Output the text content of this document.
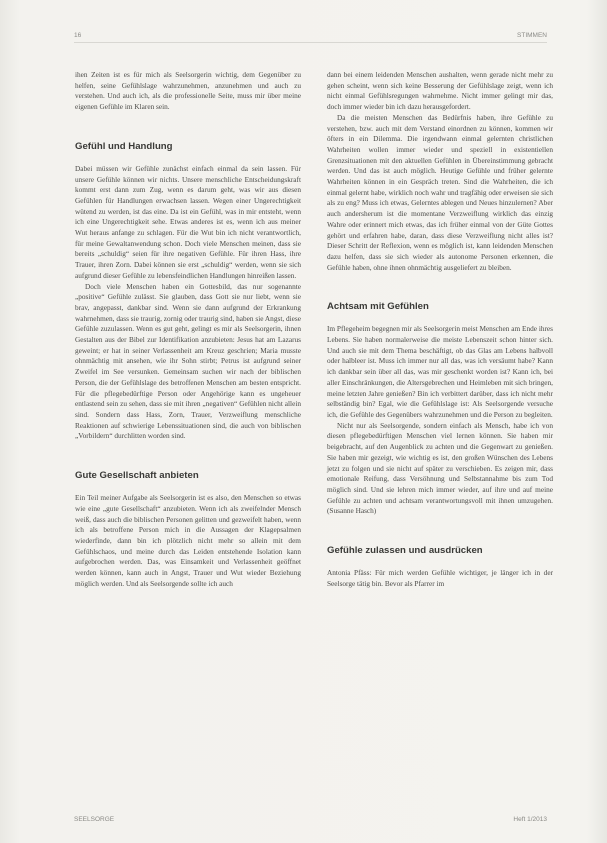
16	STIMMEN

ihen Zeiten ist es für mich als Seelsorgerin wichtig, dem Gegenüber zu helfen, seine Gefühlslage wahrzunehmen, anzunehmen und auch zu verstehen. Und auch ich, als die professionelle Seite, muss mir über meine eigenen Gefühle im Klaren sein.

Gefühl und Handlung

Dabei müssen wir Gefühle zunächst einfach einmal da sein lassen. Für unsere Gefühle können wir nichts. Unsere menschliche Entscheidungskraft kommt erst dann zum Zug, wenn es darum geht, was wir aus diesen Gefühlen für Handlungen erwachsen lassen. Wegen einer Ungerechtigkeit wütend zu werden, ist das eine. Da ist ein Gefühl, was in mir entsteht, wenn ich eine Ungerechtigkeit sehe. Etwas anderes ist es, wenn ich aus meiner Wut heraus anfange zu schlagen. Für die Wut bin ich nicht verantwortlich, für meine Gewaltanwendung schon. Doch viele Menschen meinen, dass sie bereits „schuldig“ seien für ihre negativen Gefühle. Für ihren Hass, ihre Trauer, ihren Zorn. Dabei können sie erst „schuldig“ werden, wenn sie sich aufgrund dieser Gefühle zu lebensfeindlichen Handlungen hinreißen lassen.

Doch viele Menschen haben ein Gottesbild, das nur sogenannte „positive“ Gefühle zulässt. Sie glauben, dass Gott sie nur liebt, wenn sie brav, angepasst, dankbar sind. Wenn sie dann aufgrund der Erkrankung wahrnehmen, dass sie traurig, zornig oder traurig sind, haben sie Angst, diese Gefühle zuzulassen. Wenn es gut geht, gelingt es mir als Seelsorgerin, ihnen Gestalten aus der Bibel zur Identifikation anzubieten: Jesus hat am Lazarus geweint; er hat in seiner Verlassenheit am Kreuz geschrien; Maria musste ohnmächtig mit ansehen, wie ihr Sohn stirbt; Petrus ist aufgrund seiner Zweifel im See versunken. Gemeinsam suchen wir nach der biblischen Person, die der Gefühlslage des betroffenen Menschen am besten entspricht. Für die pflegebedürftige Person oder Angehörige kann es ungeheuer entlastend sein zu sehen, dass sie mit ihren „negativen“ Gefühlen nicht allein sind. Sondern dass Hass, Zorn, Trauer, Verzweiflung menschliche Reaktionen auf schwierige Lebenssituationen sind, die auch von biblischen „Vorbildern“ durchlitten worden sind.

Gute Gesellschaft anbieten

Ein Teil meiner Aufgabe als Seelsorgerin ist es also, den Menschen so etwas wie eine „gute Gesellschaft“ anzubieten. Wenn ich als zweifelnder Mensch weiß, dass auch die biblischen Personen gelitten und gezweifelt haben, wenn ich als betroffene Person mich in die Aussagen der Klagepsalmen wiederfinde, dann bin ich plötzlich nicht mehr so allein mit dem Gefühlschaos, und meine durch das Leiden entstehende Isolation kann aufgebrochen werden. Das, was Einsamkeit und Verlassenheit geöffnet werden können, kann auch in Angst, Trauer und Wut wieder Beziehung möglich werden. Und als Seelsorgende sollte ich auch

dann bei einem leidenden Menschen aushalten, wenn gerade nicht mehr zu gehen scheint, wenn sich keine Besserung der Gefühlslage zeigt, wenn ich nicht einmal Gefühlsregungen wahrnehme. Nicht immer gelingt mir das, doch immer wieder bin ich dazu herausgefordert.

Da die meisten Menschen das Bedürfnis haben, ihre Gefühle zu verstehen, bzw. auch mit dem Verstand einordnen zu können, kommen wir öfters in ein Dilemma. Die irgendwann einmal gelernten christlichen Wahrheiten wollen immer wieder und speziell in existentiellen Grenzsituationen mit den aktuellen Gefühlen in Übereinstimmung gebracht werden. Und das ist auch möglich. Heutige Gefühle und früher gelernte Wahrheiten können in ein Gespräch treten. Sind die Wahrheiten, die ich einmal gelernt habe, wirklich noch wahr und tragfähig oder erweisen sie sich als zu eng? Muss ich etwas, Gelerntes ablegen und Neues hinzulernen? Aber auch andersherum ist die momentane Verzweiflung wirklich das einzig Wahre oder erinnert mich etwas, das ich früher einmal von der Güte Gottes gehört und erfahren habe, daran, dass diese Verzweiflung nicht alles ist? Dieser Schritt der Reflexion, wenn es möglich ist, kann leidenden Menschen dazu helfen, dass sie sich wieder als autonome Personen erkennen, die Gefühle haben, ohne ihnen ohnmächtig ausgeliefert zu bleiben.

Achtsam mit Gefühlen

Im Pflegeheim begegnen mir als Seelsorgerin meist Menschen am Ende ihres Lebens. Sie haben normalerweise die meiste Lebenszeit schon hinter sich. Und auch sie mit dem Thema beschäftigt, ob das Glas am Lebens halbvoll oder halbleer ist. Muss ich immer nur all das, was ich versäumt habe? Kann ich dankbar sein über all das, was mir geschenkt worden ist? Kann ich, bei aller Einschränkungen, die Altersgebrechen und Heimleben mit sich bringen, meine letzten Jahre genießen? Bin ich verbittert darüber, dass ich nicht mehr selbständig bin? Egal, wie die Gefühlslage ist: Als Seelsorgende versuche ich, die Gefühle des Gegenübers wahrzunehmen und die Person zu begleiten.

Nicht nur als Seelsorgende, sondern einfach als Mensch, habe ich von diesen pflegebedürftigen Menschen viel lernen können. Sie haben mir beigebracht, auf den Augenblick zu achten und die Gegenwart zu genießen. Sie haben mir gezeigt, wie wichtig es ist, den großen Wünschen des Lebens jetzt zu folgen und sie nicht auf später zu verschieben. Es zeigen mir, dass emotionale Reifung, dass Versöhnung und Selbstannahme bis zum Tod möglich sind. Und sie lehren mich immer wieder, auf ihre und auf meine Gefühle zu achten und achtsam verantwortungsvoll mit ihnen umzugehen. (Susanne Hasch)

Gefühle zulassen und ausdrücken

Antonia Pfäss: Für mich werden Gefühle wichtiger, je länger ich in der Seelsorge tätig bin. Bevor als Pfarrer im

SEELSORGE	Heft 1/2013
